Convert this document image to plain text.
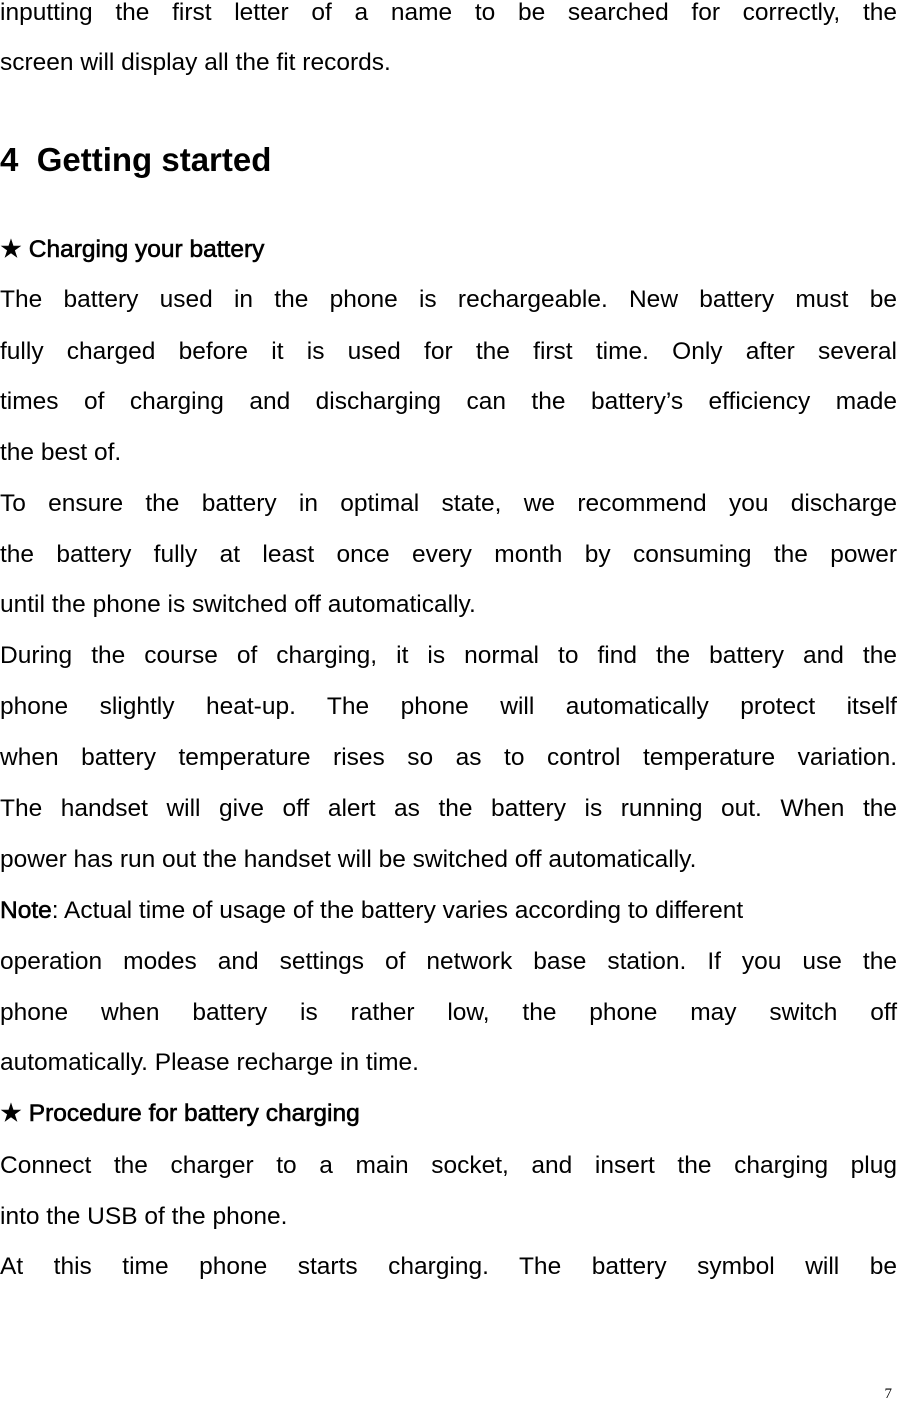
inputting the first letter of a name to be searched for correctly, the
screen will display all the fit records.
4 Getting started
★ Charging your battery
The battery used in the phone is rechargeable. New battery must be
fully charged before it is used for the first time. Only after several
times of charging and discharging can the battery’s efficiency made
the best of.
To ensure the battery in optimal state, we recommend you discharge
the battery fully at least once every month by consuming the power
until the phone is switched off automatically.
During the course of charging, it is normal to find the battery and the
phone slightly heat-up. The phone will automatically protect itself
when battery temperature rises so as to control temperature variation.
The handset will give off alert as the battery is running out. When the
power has run out the handset will be switched off automatically.
Note: Actual time of usage of the battery varies according to different
operation modes and settings of network base station. If you use the
phone when battery is rather low, the phone may switch off
automatically. Please recharge in time.
★ Procedure for battery charging
Connect the charger to a main socket, and insert the charging plug
into the USB of the phone.
At this time phone starts charging. The battery symbol will be
7
